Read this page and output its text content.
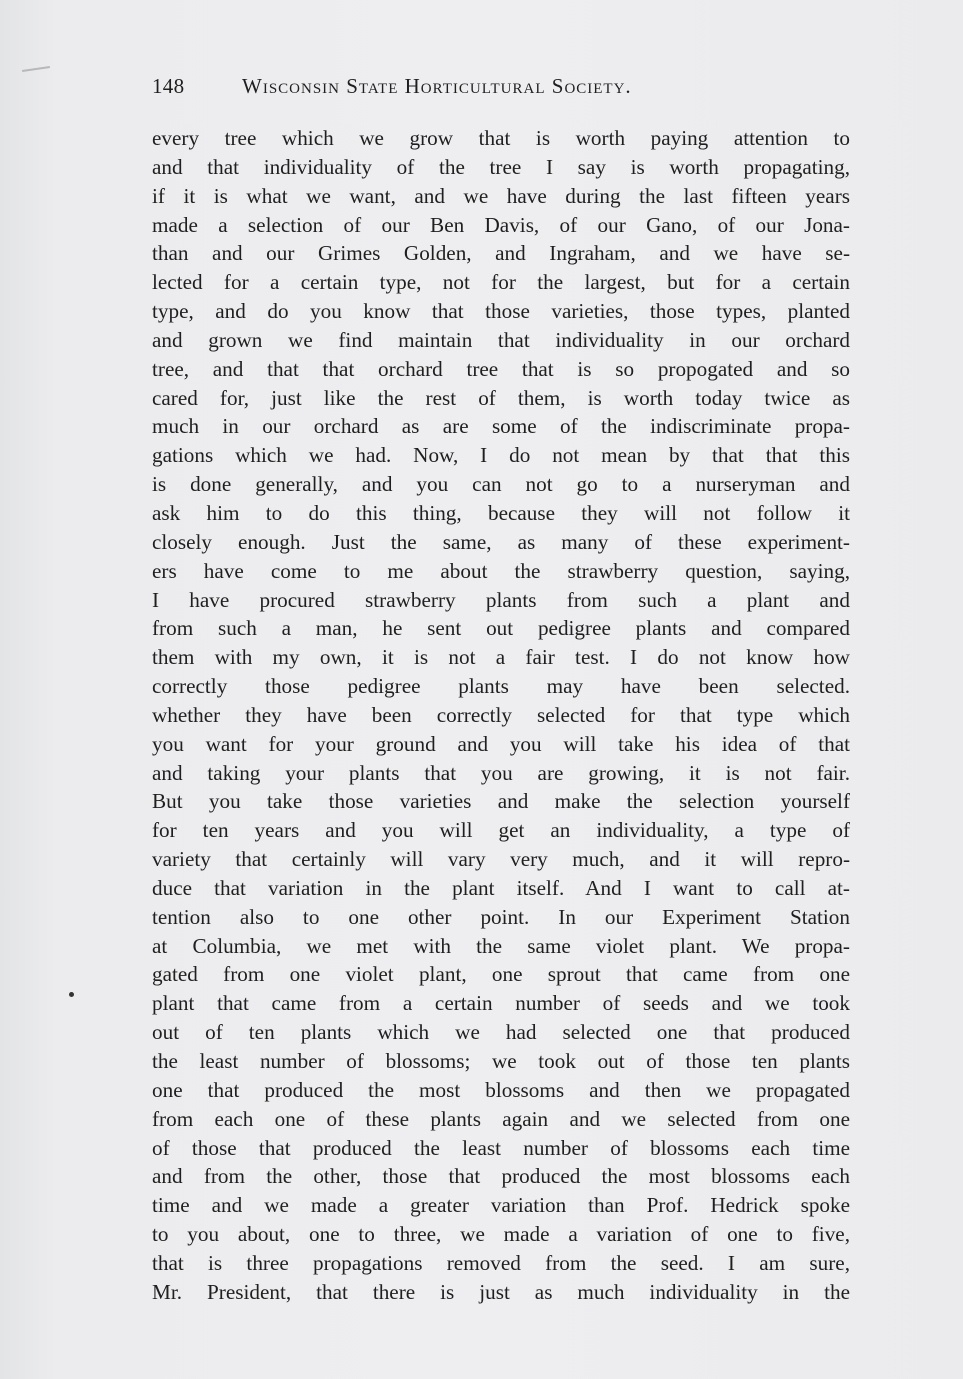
148	Wisconsin State Horticultural Society.
every tree which we grow that is worth paying attention to
and that individuality of the tree I say is worth propagating,
if it is what we want, and we have during the last fifteen years
made a selection of our Ben Davis, of our Gano, of our Jona-
than and our Grimes Golden, and Ingraham, and we have se-
lected for a certain type, not for the largest, but for a certain
type, and do you know that those varieties, those types, planted
and grown we find maintain that individuality in our orchard
tree, and that that orchard tree that is so propogated and so
cared for, just like the rest of them, is worth today twice as
much in our orchard as are some of the indiscriminate propa-
gations which we had. Now, I do not mean by that that this
is done generally, and you can not go to a nurseryman and
ask him to do this thing, because they will not follow it
closely enough. Just the same, as many of these experiment-
ers have come to me about the strawberry question, saying,
I have procured strawberry plants from such a plant and
from such a man, he sent out pedigree plants and compared
them with my own, it is not a fair test. I do not know how
correctly those pedigree plants may have been selected.
whether they have been correctly selected for that type which
you want for your ground and you will take his idea of that
and taking your plants that you are growing, it is not fair.
But you take those varieties and make the selection yourself
for ten years and you will get an individuality, a type of
variety that certainly will vary very much, and it will repro-
duce that variation in the plant itself. And I want to call at-
tention also to one other point. In our Experiment Station
at Columbia, we met with the same violet plant. We propa-
gated from one violet plant, one sprout that came from one
plant that came from a certain number of seeds and we took
out of ten plants which we had selected one that produced
the least number of blossoms; we took out of those ten plants
one that produced the most blossoms and then we propagated
from each one of these plants again and we selected from one
of those that produced the least number of blossoms each time
and from the other, those that produced the most blossoms each
time and we made a greater variation than Prof. Hedrick spoke
to you about, one to three, we made a variation of one to five,
that is three propagations removed from the seed. I am sure,
Mr. President, that there is just as much individuality in the
